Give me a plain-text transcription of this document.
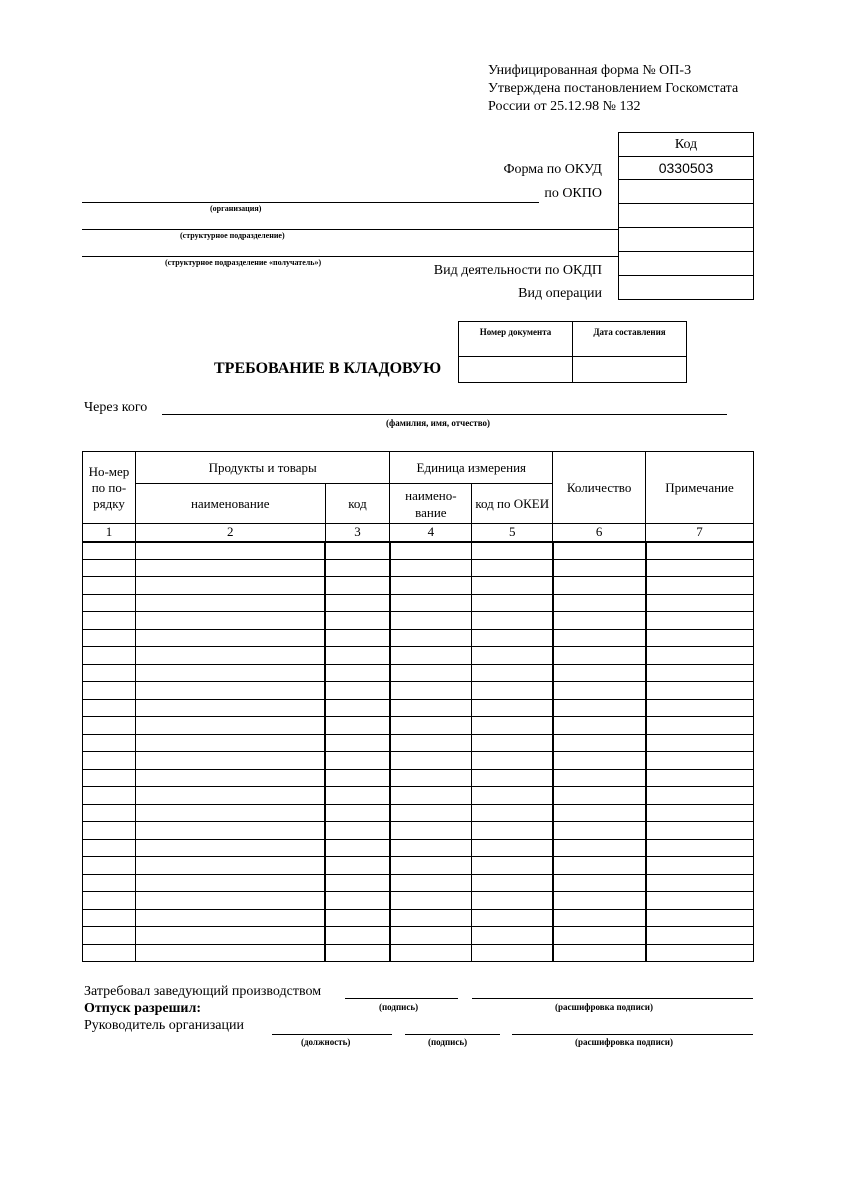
Унифицированная форма № ОП-3
Утверждена постановлением Госкомстата
России от 25.12.98 № 132
Код
0330503
Форма по ОКУД
по ОКПО
Вид деятельности по ОКДП
Вид операции
(организация)
(структурное подразделение)
(структурное подразделение «получатель»)
Номер документа	Дата составления
ТРЕБОВАНИЕ В КЛАДОВУЮ
Через кого
(фамилия, имя, отчество)
Но-мер по по-рядку	Продукты и товары		Единица измерения		Количество	Примечание
	наименование	код	наимено-вание	код по ОКЕИ		
1	2	3	4	5	6	7

Затребовал заведующий производством
Отпуск разрешил:	(подпись)	(расшифровка подписи)
Руководитель организации
(должность)	(подпись)	(расшифровка подписи)
